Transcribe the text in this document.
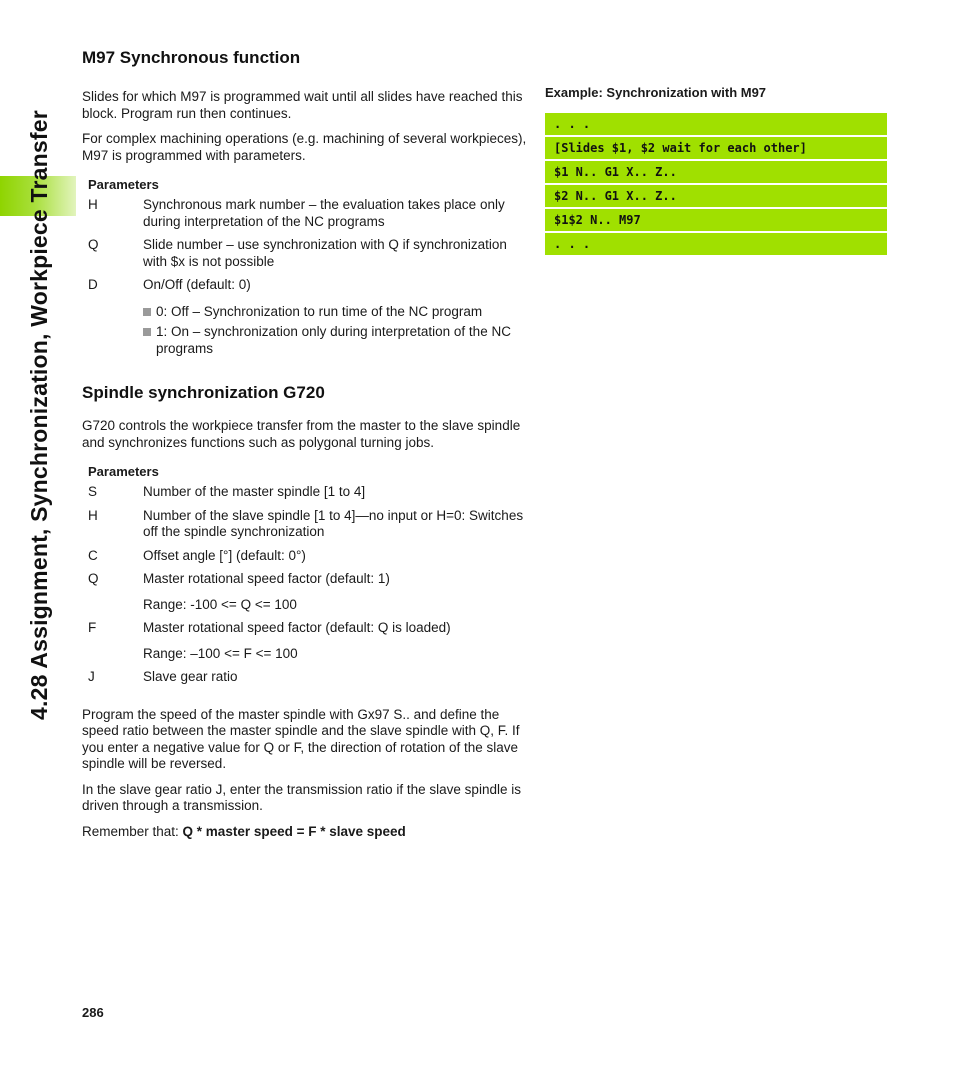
4.28 Assignment, Synchronization, Workpiece Transfer
M97 Synchronous function

Slides for which M97 is programmed wait until all slides have reached this block. Program run then continues.

For complex machining operations (e.g. machining of several workpieces), M97 is programmed with parameters.

Parameters
H	Synchronous mark number – the evaluation takes place only during interpretation of the NC programs
Q	Slide number – use synchronization with Q if synchronization with $x is not possible
D	On/Off (default: 0)
0: Off – Synchronization to run time of the NC program
1: On – synchronization only during interpretation of the NC programs
Spindle synchronization G720

G720 controls the workpiece transfer from the master to the slave spindle and synchronizes functions such as polygonal turning jobs.

Parameters
S	Number of the master spindle [1 to 4]
H	Number of the slave spindle [1 to 4]—no input or H=0: Switches off the spindle synchronization
C	Offset angle [°] (default: 0°)
Q	Master rotational speed factor (default: 1)
Range: -100 <= Q <= 100
F	Master rotational speed factor (default: Q is loaded)
Range: –100 <= F <= 100
J	Slave gear ratio

Program the speed of the master spindle with Gx97 S.. and define the speed ratio between the master spindle and the slave spindle with Q, F. If you enter a negative value for Q or F, the direction of rotation of the slave spindle will be reversed.

In the slave gear ratio J, enter the transmission ratio if the slave spindle is driven through a transmission.

Remember that: Q * master speed = F * slave speed

Example: Synchronization with M97
. . .
[Slides $1, $2 wait for each other]
$1 N.. G1 X.. Z..
$2 N.. G1 X.. Z..
$1$2 N.. M97
. . .
286
